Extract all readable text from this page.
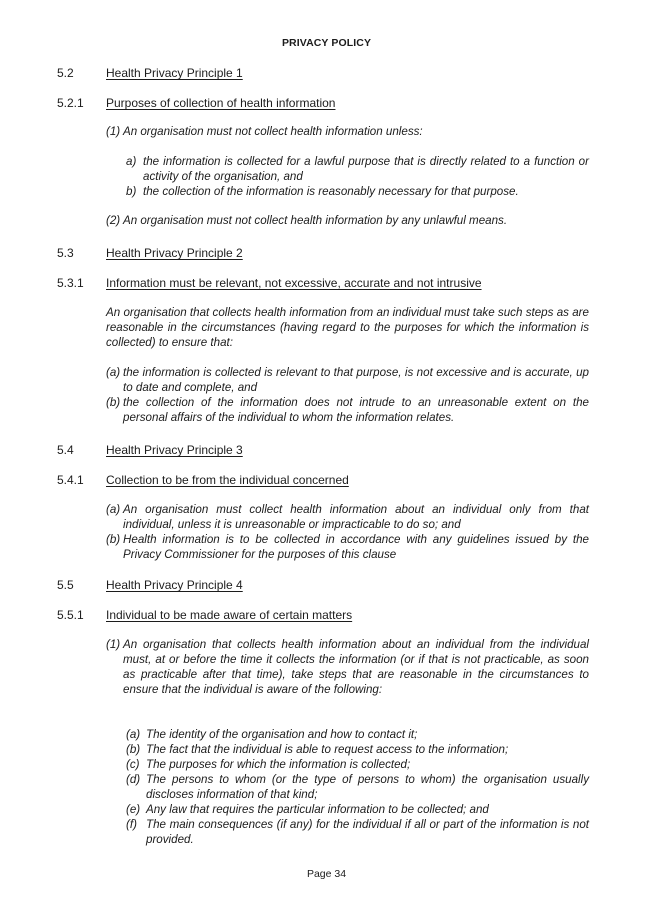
PRIVACY POLICY
5.2	Health Privacy Principle 1
5.2.1 Purposes of collection of health information
(1) An organisation must not collect health information unless:
a) the information is collected for a lawful purpose that is directly related to a function or activity of the organisation, and
b) the collection of the information is reasonably necessary for that purpose.
(2) An organisation must not collect health information by any unlawful means.
5.3	Health Privacy Principle 2
5.3.1 Information must be relevant, not excessive, accurate and not intrusive
An organisation that collects health information from an individual must take such steps as are reasonable in the circumstances (having regard to the purposes for which the information is collected) to ensure that:
(a) the information is collected is relevant to that purpose, is not excessive and is accurate, up to date and complete, and
(b) the collection of the information does not intrude to an unreasonable extent on the personal affairs of the individual to whom the information relates.
5.4	Health Privacy Principle 3
5.4.1 Collection to be from the individual concerned
(a) An organisation must collect health information about an individual only from that individual, unless it is unreasonable or impracticable to do so; and
(b) Health information is to be collected in accordance with any guidelines issued by the Privacy Commissioner for the purposes of this clause
5.5	Health Privacy Principle 4
5.5.1 Individual to be made aware of certain matters
(1) An organisation that collects health information about an individual from the individual must, at or before the time it collects the information (or if that is not practicable, as soon as practicable after that time), take steps that are reasonable in the circumstances to ensure that the individual is aware of the following:
(a) The identity of the organisation and how to contact it;
(b) The fact that the individual is able to request access to the information;
(c) The purposes for which the information is collected;
(d) The persons to whom (or the type of persons to whom) the organisation usually discloses information of that kind;
(e) Any law that requires the particular information to be collected; and
(f) The main consequences (if any) for the individual if all or part of the information is not provided.
Page 34
